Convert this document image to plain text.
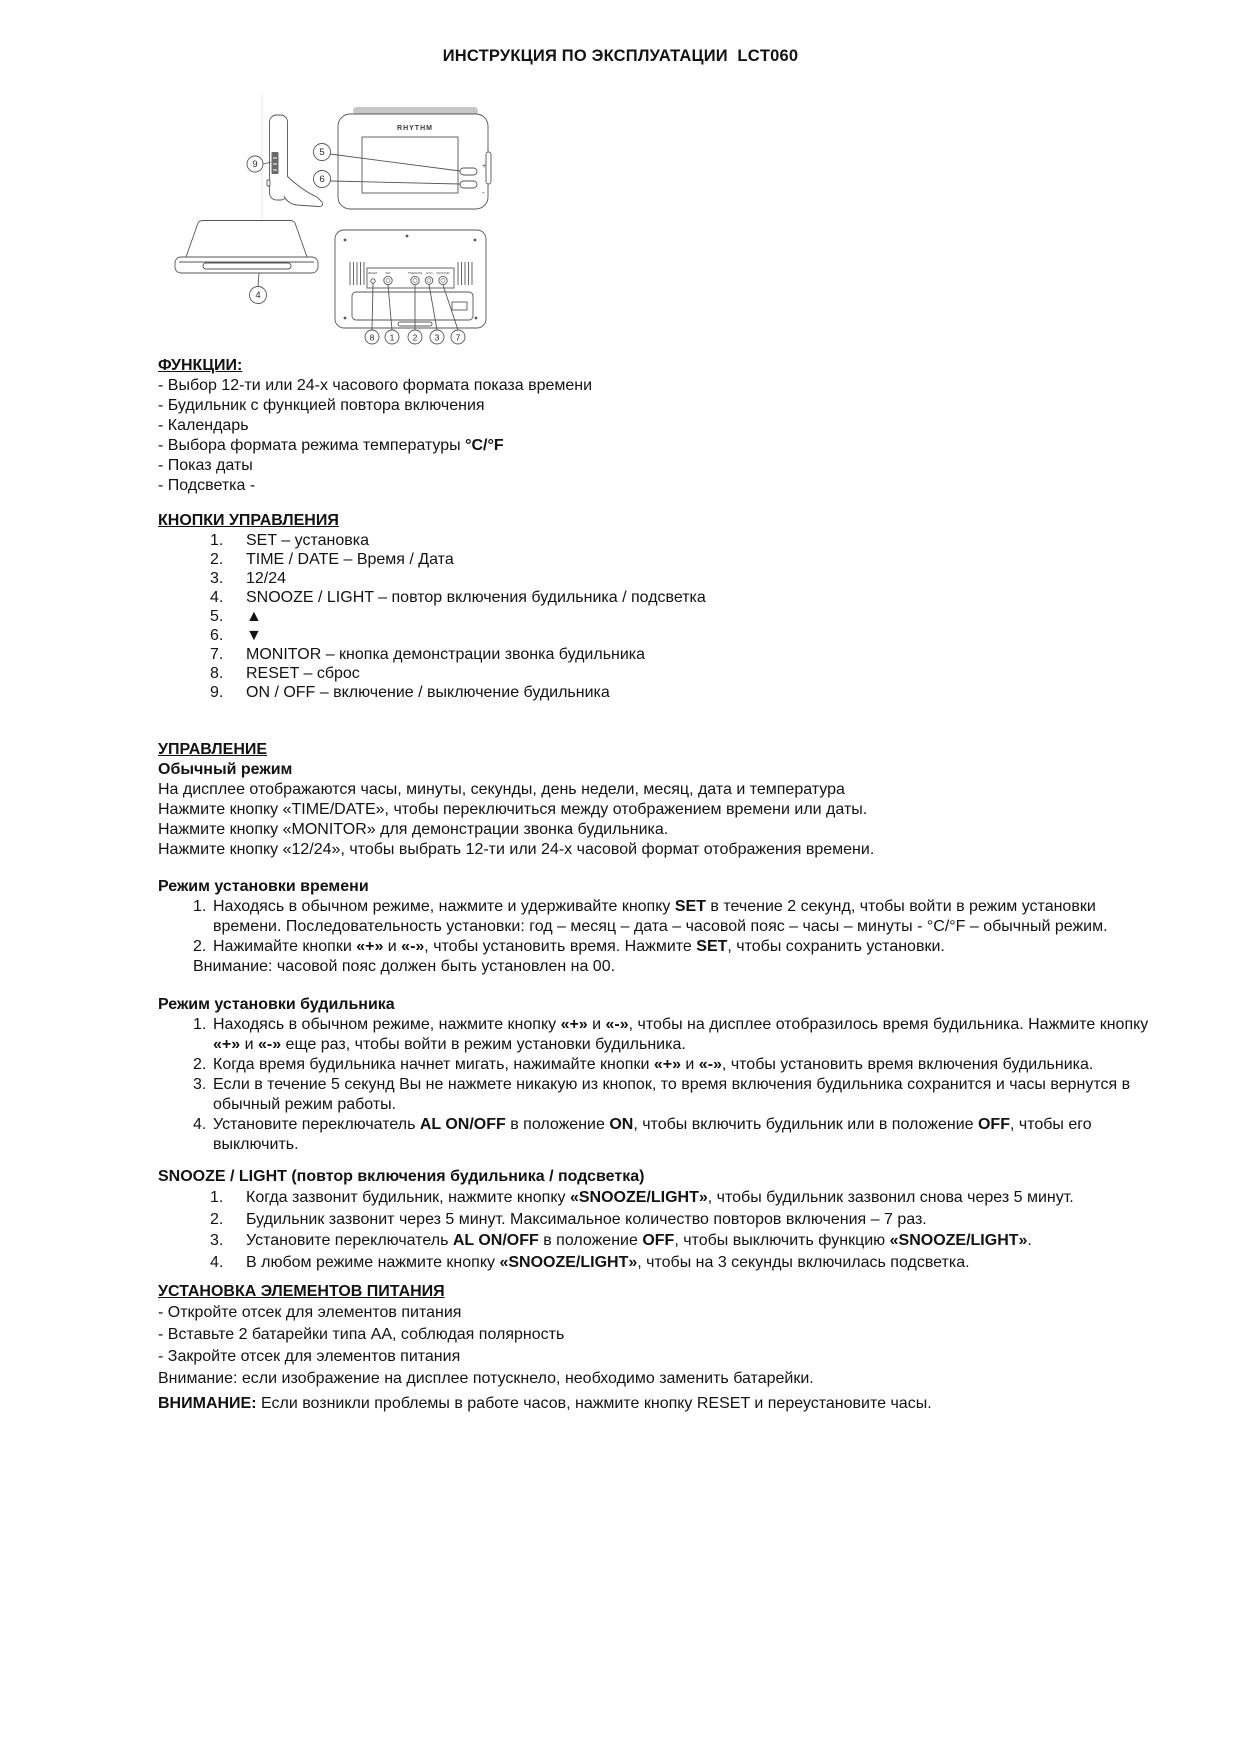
ИНСТРУКЦИЯ ПО ЭКСПЛУАТАЦИИ  LCT060
9
RHYTHM
+
-
5
6
4
RESET	SET	TIME/DATE 12/24 MONITOR
8 1 2 3 7
ФУНКЦИИ:
- Выбор 12-ти или 24-х часового формата показа времени
- Будильник с функцией повтора включения
- Календарь
- Выбора формата режима температуры °C/°F
- Показ даты
- Подсветка -
КНОПКИ УПРАВЛЕНИЯ
1.	SET – установка
2.	TIME / DATE – Время / Дата
3.	12/24
4.	SNOOZE / LIGHT – повтор включения будильника / подсветка
5.	▲
6.	▼
7.	MONITOR – кнопка демонстрации звонка будильника
8.	RESET – сброс
9.	ON / OFF – включение / выключение будильника
УПРАВЛЕНИЕ
Обычный режим
На дисплее отображаются часы, минуты, секунды, день недели, месяц, дата и температура
Нажмите кнопку «TIME/DATE», чтобы переключиться между отображением времени или даты.
Нажмите кнопку «MONITOR» для демонстрации звонка будильника.
Нажмите кнопку «12/24», чтобы выбрать 12-ти или 24-х часовой формат отображения времени.
Режим установки времени
1. Находясь в обычном режиме, нажмите и удерживайте кнопку SET в течение 2 секунд, чтобы войти в режим установки времени. Последовательность установки: год – месяц – дата – часовой пояс – часы – минуты - °C/°F – обычный режим.
2. Нажимайте кнопки «+» и «-», чтобы установить время. Нажмите SET, чтобы сохранить установки.
Внимание: часовой пояс должен быть установлен на 00.
Режим установки будильника
1. Находясь в обычном режиме, нажмите кнопку «+» и «-», чтобы на дисплее отобразилось время будильника. Нажмите кнопку «+» и «-» еще раз, чтобы войти в режим установки будильника.
2. Когда время будильника начнет мигать, нажимайте кнопки «+» и «-», чтобы установить время включения будильника.
3. Если в течение 5 секунд Вы не нажмете никакую из кнопок, то время включения будильника сохранится и часы вернутся в обычный режим работы.
4. Установите переключатель AL ON/OFF в положение ON, чтобы включить будильник или в положение OFF, чтобы его выключить.
SNOOZE / LIGHT (повтор включения будильника / подсветка)
1.	Когда зазвонит будильник, нажмите кнопку «SNOOZE/LIGHT», чтобы будильник зазвонил снова через 5 минут.
2.	Будильник зазвонит через 5 минут. Максимальное количество повторов включения – 7 раз.
3.	Установите переключатель AL ON/OFF в положение OFF, чтобы выключить функцию «SNOOZE/LIGHT».
4.	В любом режиме нажмите кнопку «SNOOZE/LIGHT», чтобы на 3 секунды включилась подсветка.
УСТАНОВКА ЭЛЕМЕНТОВ ПИТАНИЯ
- Откройте отсек для элементов питания
- Вставьте 2 батарейки типа АА, соблюдая полярность
- Закройте отсек для элементов питания
Внимание: если изображение на дисплее потускнело, необходимо заменить батарейки.
ВНИМАНИЕ: Если возникли проблемы в работе часов, нажмите кнопку RESET и переустановите часы.
